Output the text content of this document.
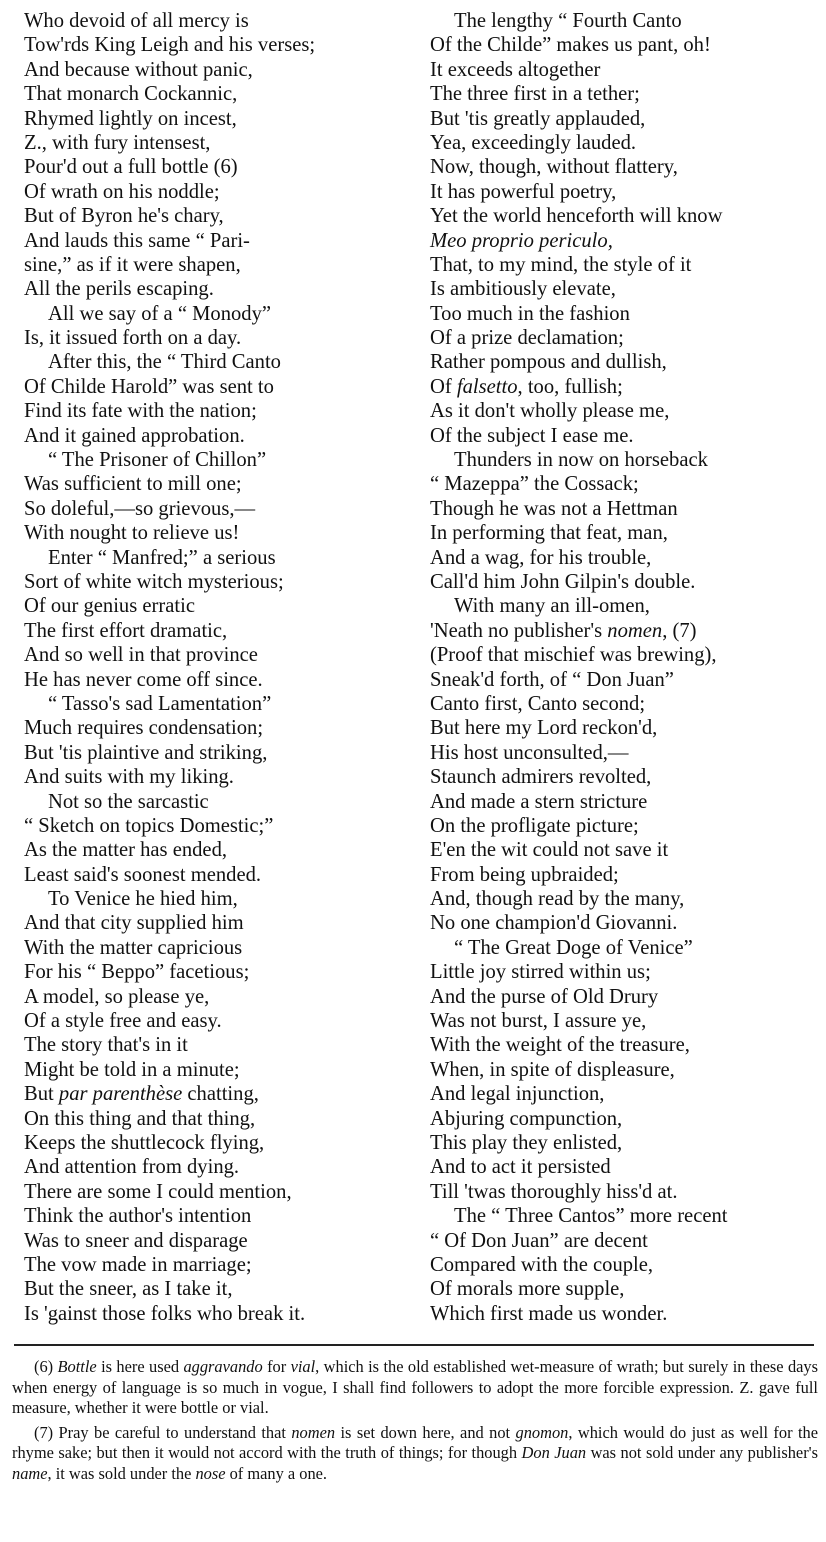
Who devoid of all mercy is
Tow'rds King Leigh and his verses;
And because without panic,
That monarch Cockannic,
Rhymed lightly on incest,
Z., with fury intensest,
Pour'd out a full bottle (6)
Of wrath on his noddle;
But of Byron he's chary,
And lauds this same “ Pari-
sine,” as if it were shapen,
All the perils escaping.
All we say of a “ Monody”
Is, it issued forth on a day.
After this, the “ Third Canto
Of Childe Harold” was sent to
Find its fate with the nation;
And it gained approbation.
“ The Prisoner of Chillon”
Was sufficient to mill one;
So doleful,—so grievous,—
With nought to relieve us!
Enter “ Manfred;” a serious
Sort of white witch mysterious;
Of our genius erratic
The first effort dramatic,
And so well in that province
He has never come off since.
“ Tasso's sad Lamentation”
Much requires condensation;
But 'tis plaintive and striking,
And suits with my liking.
Not so the sarcastic
“ Sketch on topics Domestic;”
As the matter has ended,
Least said's soonest mended.
To Venice he hied him,
And that city supplied him
With the matter capricious
For his “ Beppo” facetious;
A model, so please ye,
Of a style free and easy.
The story that's in it
Might be told in a minute;
But par parenthèse chatting,
On this thing and that thing,
Keeps the shuttlecock flying,
And attention from dying.
There are some I could mention,
Think the author's intention
Was to sneer and disparage
The vow made in marriage;
But the sneer, as I take it,
Is 'gainst those folks who break it.
The lengthy “ Fourth Canto
Of the Childe” makes us pant, oh!
It exceeds altogether
The three first in a tether;
But 'tis greatly applauded,
Yea, exceedingly lauded.
Now, though, without flattery,
It has powerful poetry,
Yet the world henceforth will know
Meo proprio periculo,
That, to my mind, the style of it
Is ambitiously elevate,
Too much in the fashion
Of a prize declamation;
Rather pompous and dullish,
Of falsetto, too, fullish;
As it don't wholly please me,
Of the subject I ease me.
Thunders in now on horseback
“ Mazeppa” the Cossack;
Though he was not a Hettman
In performing that feat, man,
And a wag, for his trouble,
Call'd him John Gilpin's double.
With many an ill-omen,
'Neath no publisher's nomen, (7)
(Proof that mischief was brewing),
Sneak'd forth, of “ Don Juan”
Canto first, Canto second;
But here my Lord reckon'd,
His host unconsulted,—
Staunch admirers revolted,
And made a stern stricture
On the profligate picture;
E'en the wit could not save it
From being upbraided;
And, though read by the many,
No one champion'd Giovanni.
“ The Great Doge of Venice”
Little joy stirred within us;
And the purse of Old Drury
Was not burst, I assure ye,
With the weight of the treasure,
When, in spite of displeasure,
And legal injunction,
Abjuring compunction,
This play they enlisted,
And to act it persisted
Till 'twas thoroughly hiss'd at.
The “ Three Cantos” more recent
“ Of Don Juan” are decent
Compared with the couple,
Of morals more supple,
Which first made us wonder.

(6) Bottle is here used aggravando for vial, which is the old established wet-measure of wrath; but surely in these days when energy of language is so much in vogue, I shall find followers to adopt the more forcible expression. Z. gave full measure, whether it were bottle or vial.

(7) Pray be careful to understand that nomen is set down here, and not gnomon, which would do just as well for the rhyme sake; but then it would not accord with the truth of things; for though Don Juan was not sold under any publisher's name, it was sold under the nose of many a one.
